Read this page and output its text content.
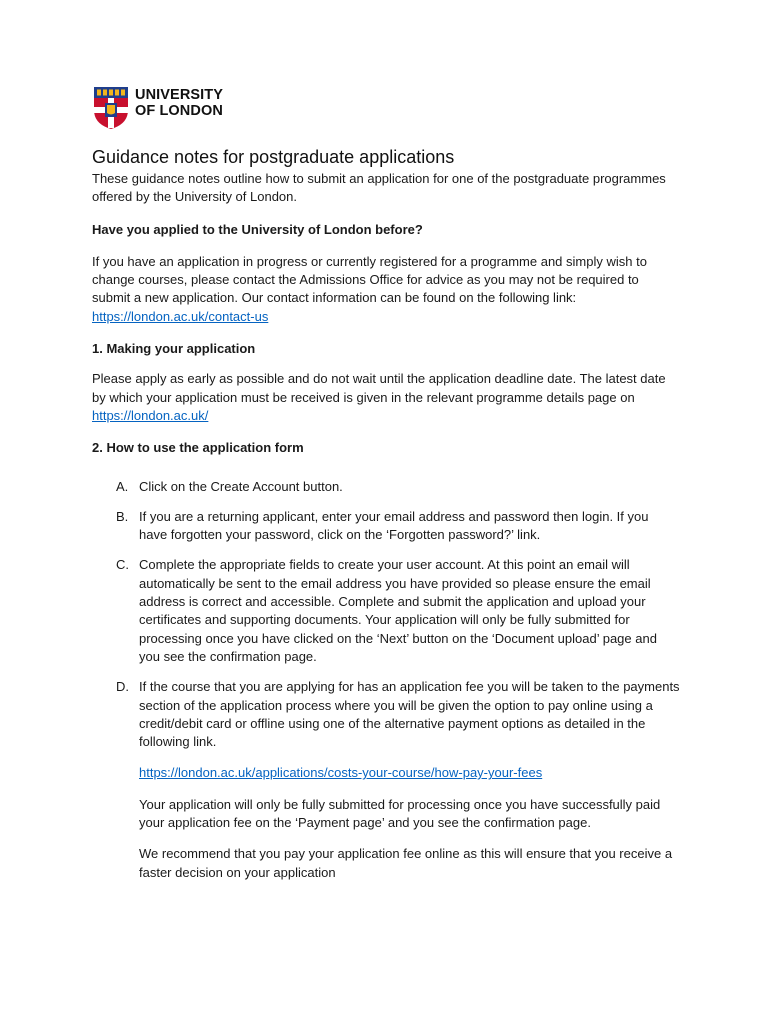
UNIVERSITY
OF LONDON
Guidance notes for postgraduate applications

These guidance notes outline how to submit an application for one of the postgraduate programmes offered by the University of London.

Have you applied to the University of London before?

If you have an application in progress or currently registered for a programme and simply wish to change courses, please contact the Admissions Office for advice as you may not be required to submit a new application. Our contact information can be found on the following link: https://london.ac.uk/contact-us

1. Making your application

Please apply as early as possible and do not wait until the application deadline date. The latest date by which your application must be received is given in the relevant programme details page on https://london.ac.uk/

2. How to use the application form

A. Click on the Create Account button.
B. If you are a returning applicant, enter your email address and password then login. If you have forgotten your password, click on the ‘Forgotten password?’ link.
C. Complete the appropriate fields to create your user account. At this point an email will automatically be sent to the email address you have provided so please ensure the email address is correct and accessible. Complete and submit the application and upload your certificates and supporting documents. Your application will only be fully submitted for processing once you have clicked on the ‘Next’ button on the ‘Document upload’ page and you see the confirmation page.
D. If the course that you are applying for has an application fee you will be taken to the payments section of the application process where you will be given the option to pay online using a credit/debit card or offline using one of the alternative payment options as detailed in the following link.

https://london.ac.uk/applications/costs-your-course/how-pay-your-fees

Your application will only be fully submitted for processing once you have successfully paid your application fee on the ‘Payment page’ and you see the confirmation page.

We recommend that you pay your application fee online as this will ensure that you receive a faster decision on your application
